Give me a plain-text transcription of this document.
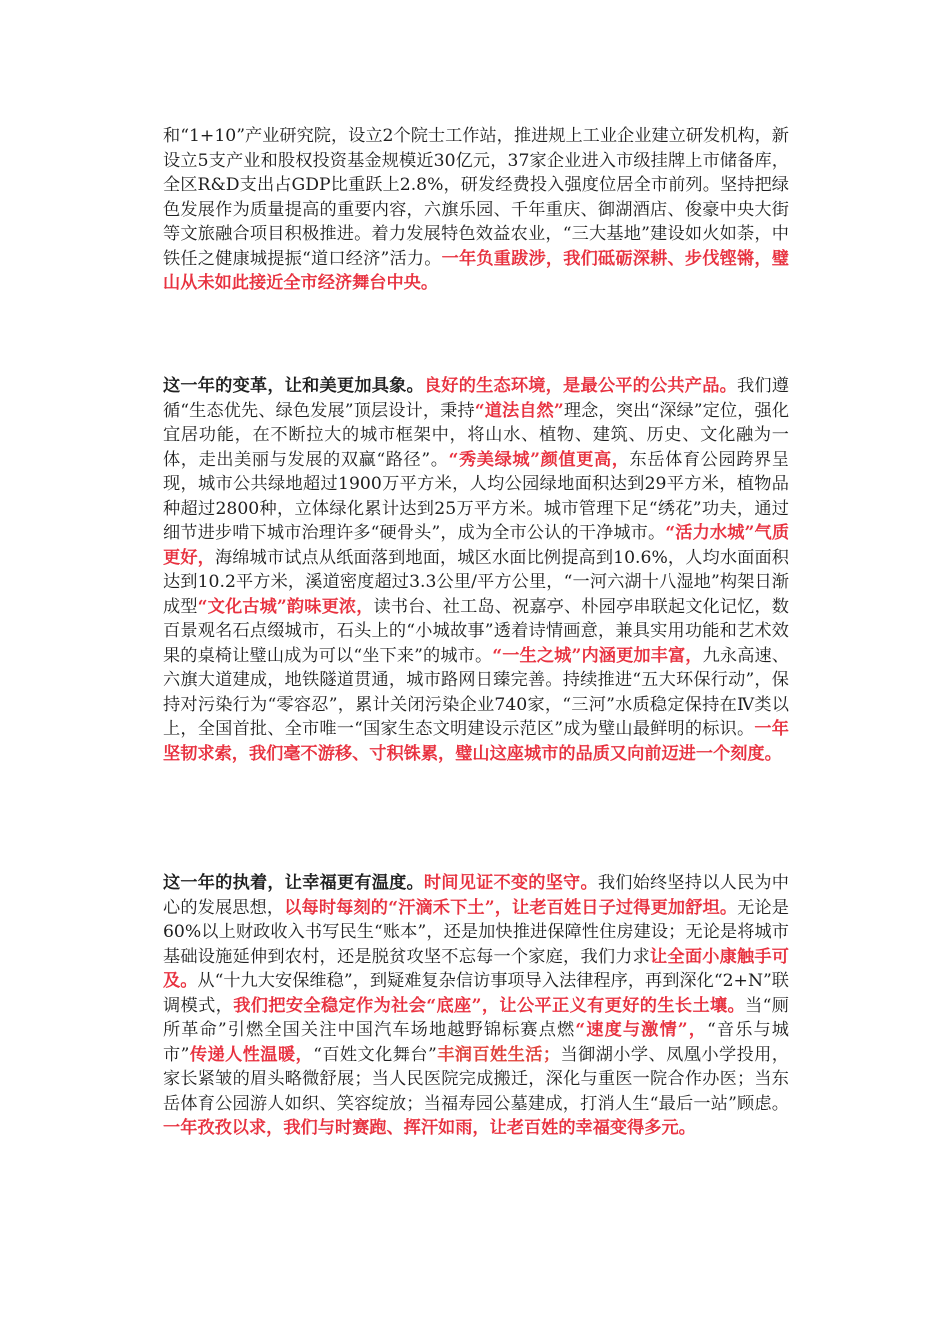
和“1+10”产业研究院，设立2个院士工作站，推进规上工业企业建立研发机构，新设立5支产业和股权投资基金规模近30亿元，37家企业进入市级挂牌上市储备库，全区R&D支出占GDP比重跃上2.8%，研发经费投入强度位居全市前列。坚持把绿色发展作为质量提高的重要内容，六旗乐园、千年重庆、御湖酒店、俊豪中央大街等文旅融合项目积极推进。着力发展特色效益农业，“三大基地”建设如火如荼，中铁任之健康城提振“道口经济”活力。一年负重跋涉，我们砥砺深耕、步伐铿锵，璧山从未如此接近全市经济舞台中央。

这一年的变革，让和美更加具象。良好的生态环境，是最公平的公共产品。我们遵循“生态优先、绿色发展”顶层设计，秉持“道法自然”理念，突出“深绿”定位，强化宜居功能，在不断拉大的城市框架中，将山水、植物、建筑、历史、文化融为一体，走出美丽与发展的双赢“路径”。“秀美绿城”颜值更高，东岳体育公园跨界呈现，城市公共绿地超过1900万平方米，人均公园绿地面积达到29平方米，植物品种超过2800种，立体绿化累计达到25万平方米。城市管理下足“绣花”功夫，通过细节进步啃下城市治理许多“硬骨头”，成为全市公认的干净城市。“活力水城”气质更好，海绵城市试点从纸面落到地面，城区水面比例提高到10.6%，人均水面面积达到10.2平方米，溪道密度超过3.3公里/平方公里，“一河六湖十八湿地”构架日渐成型“文化古城”韵味更浓，读书台、社工岛、祝嘉亭、朴园亭串联起文化记忆，数百景观名石点缀城市，石头上的“小城故事”透着诗情画意，兼具实用功能和艺术效果的桌椅让璧山成为可以“坐下来”的城市。“一生之城”内涵更加丰富，九永高速、六旗大道建成，地铁隧道贯通，城市路网日臻完善。持续推进“五大环保行动”，保持对污染行为“零容忍”，累计关闭污染企业740家，“三河”水质稳定保持在Ⅳ类以上，全国首批、全市唯一“国家生态文明建设示范区”成为璧山最鲜明的标识。一年坚韧求索，我们毫不游移、寸积铢累，璧山这座城市的品质又向前迈进一个刻度。

这一年的执着，让幸福更有温度。时间见证不变的坚守。我们始终坚持以人民为中心的发展思想，以每时每刻的“汗滴禾下土”，让老百姓日子过得更加舒坦。无论是60%以上财政收入书写民生“账本”，还是加快推进保障性住房建设；无论是将城市基础设施延伸到农村，还是脱贫攻坚不忘每一个家庭，我们力求让全面小康触手可及。从“十九大安保维稳”，到疑难复杂信访事项导入法律程序，再到深化“2+N”联调模式，我们把安全稳定作为社会“底座”，让公平正义有更好的生长土壤。当“厕所革命”引燃全国关注中国汽车场地越野锦标赛点燃“速度与激情”，“音乐与城市”传递人性温暖，“百姓文化舞台”丰润百姓生活；当御湖小学、凤凰小学投用，家长紧皱的眉头略微舒展；当人民医院完成搬迁，深化与重医一院合作办医；当东岳体育公园游人如织、笑容绽放；当福寿园公墓建成，打消人生“最后一站”顾虑。一年孜孜以求，我们与时赛跑、挥汗如雨，让老百姓的幸福变得多元。
